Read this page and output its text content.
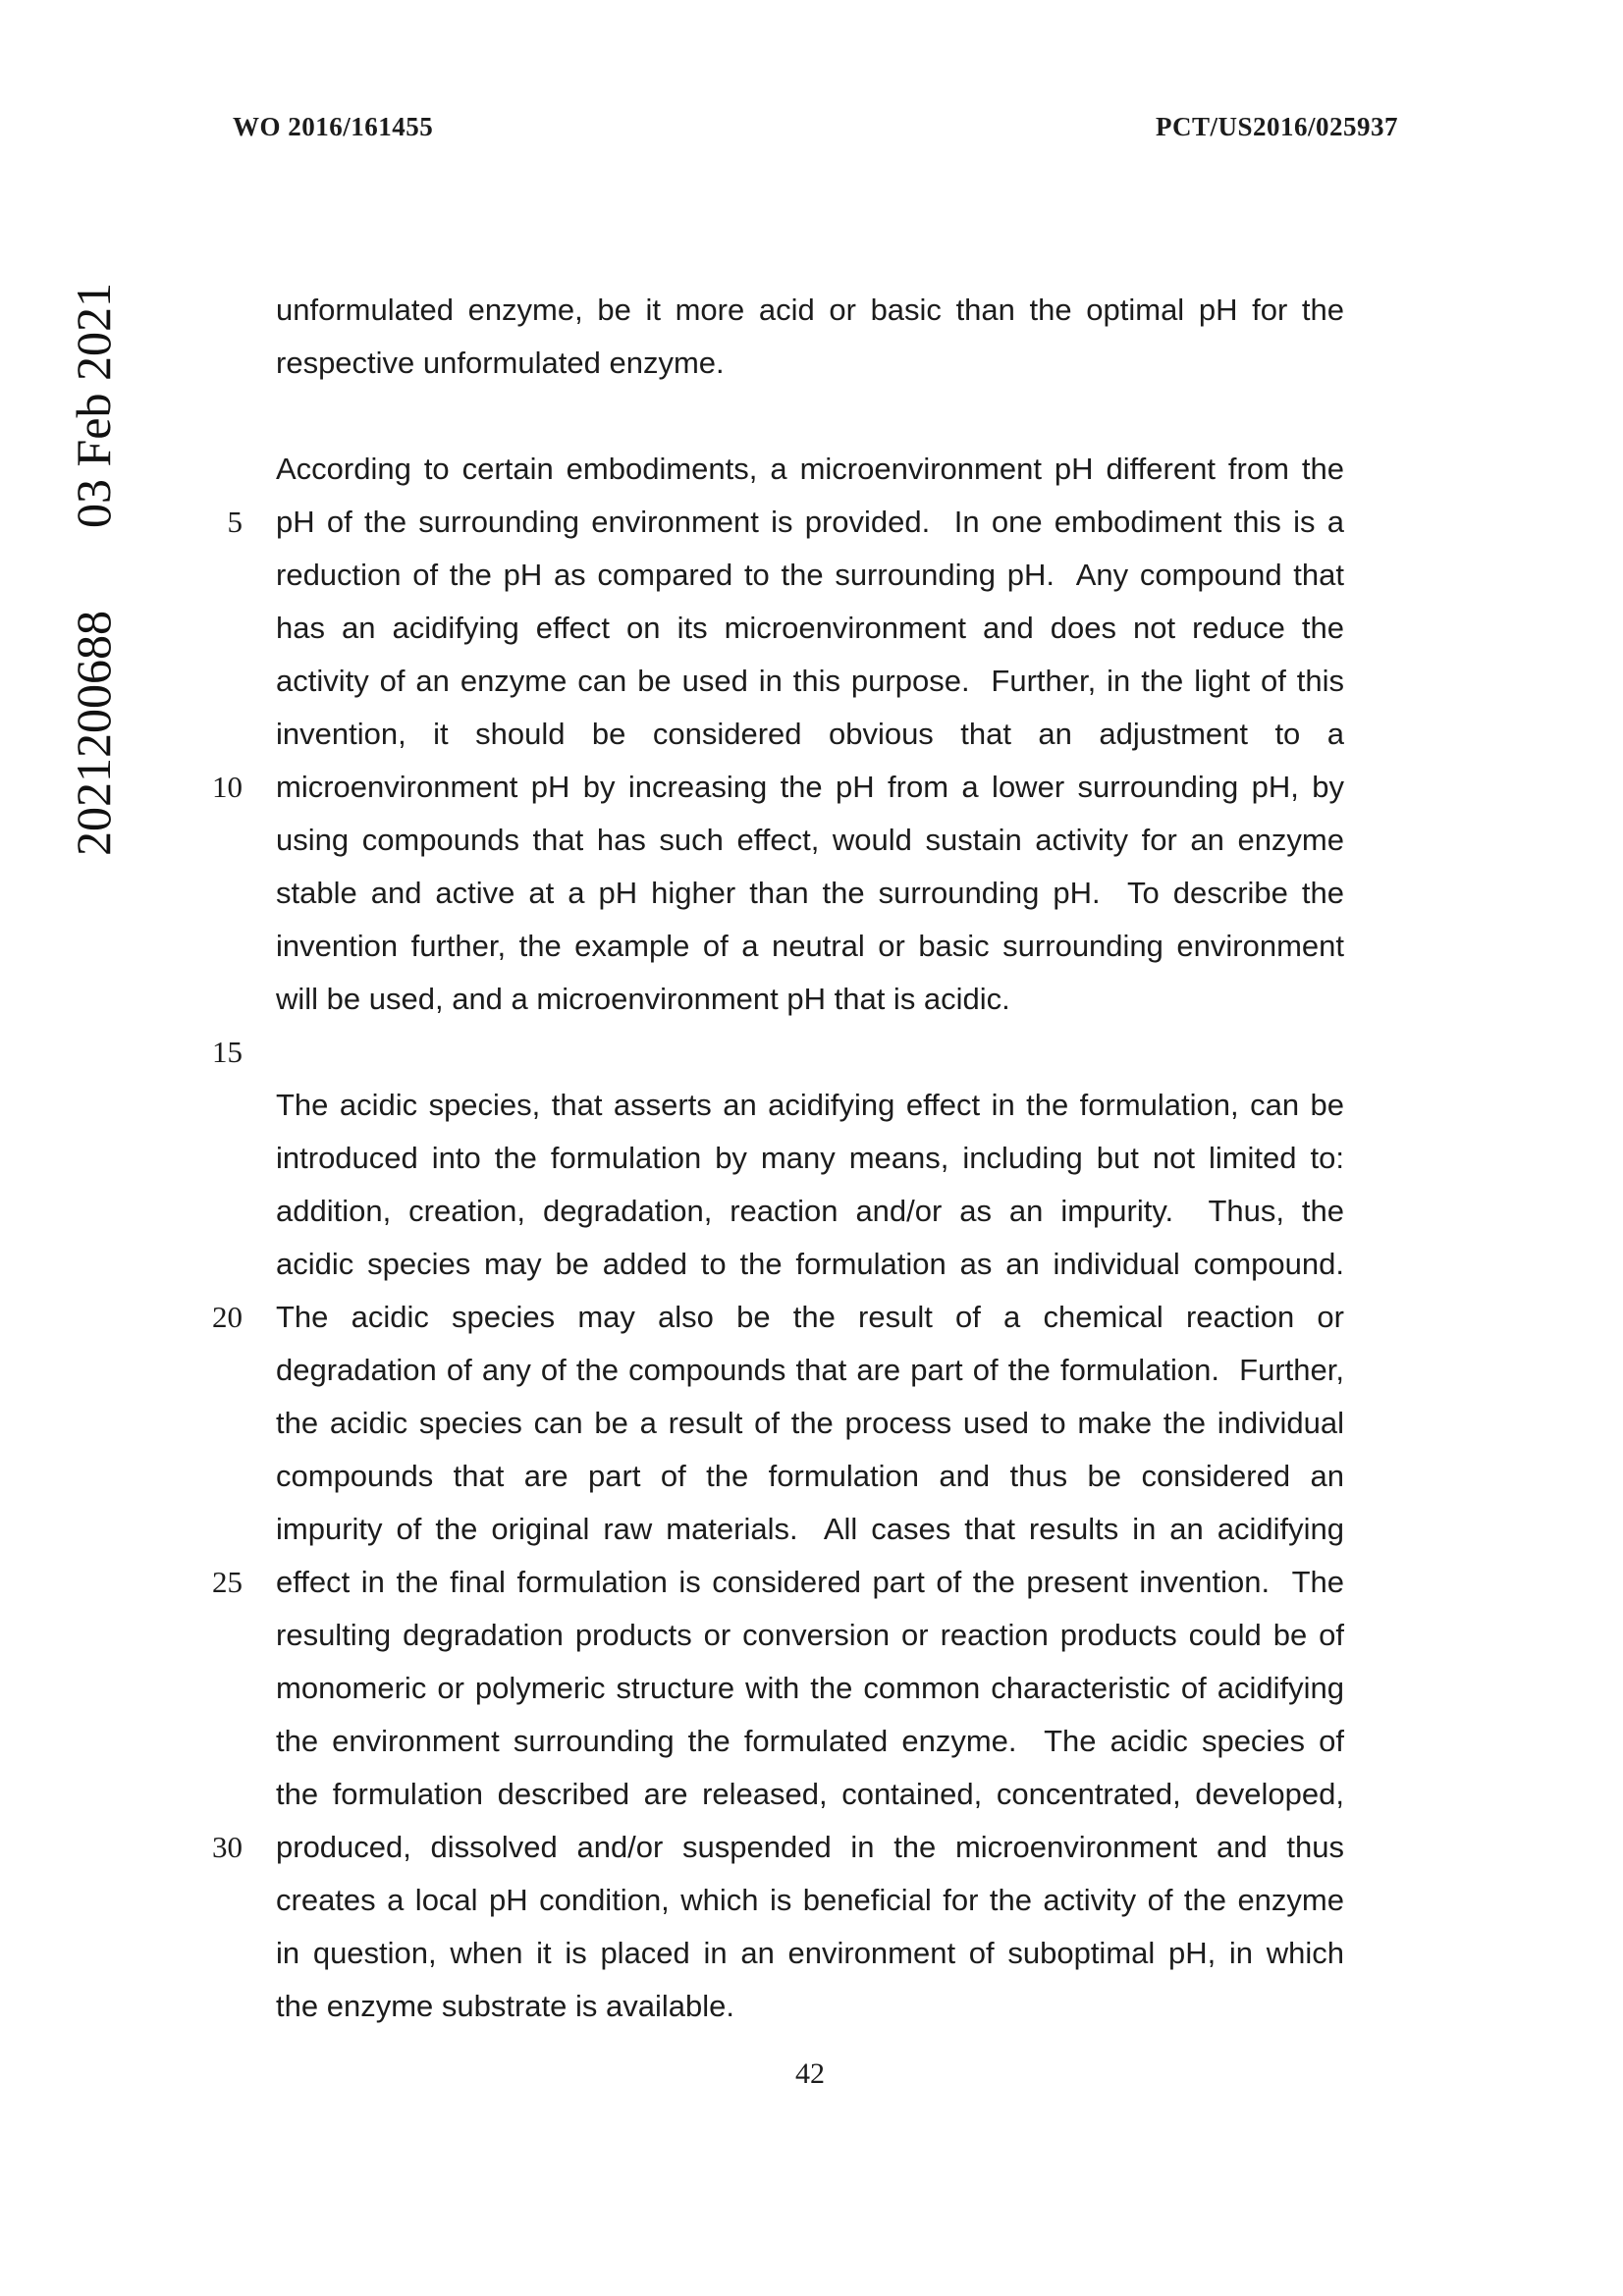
WO 2016/161455	PCT/US2016/025937
202120068803 Feb 2021	5
10
15
20
25
30
unformulated enzyme, be it more acid or basic than the optimal pH for the
respective unformulated enzyme.
According to certain embodiments, a microenvironment pH different from the
pH of the surrounding environment is provided.  In one embodiment this is a
reduction of the pH as compared to the surrounding pH.  Any compound that
has an acidifying effect on its microenvironment and does not reduce the
activity of an enzyme can be used in this purpose.  Further, in the light of this
invention, it should be considered obvious that an adjustment to a
microenvironment pH by increasing the pH from a lower surrounding pH, by
using compounds that has such effect, would sustain activity for an enzyme
stable and active at a pH higher than the surrounding pH.  To describe the
invention further, the example of a neutral or basic surrounding environment
will be used, and a microenvironment pH that is acidic.
The acidic species, that asserts an acidifying effect in the formulation, can be
introduced into the formulation by many means, including but not limited to:
addition, creation, degradation, reaction and/or as an impurity.  Thus, the
acidic species may be added to the formulation as an individual compound.
The acidic species may also be the result of a chemical reaction or
degradation of any of the compounds that are part of the formulation.  Further,
the acidic species can be a result of the process used to make the individual
compounds that are part of the formulation and thus be considered an
impurity of the original raw materials.  All cases that results in an acidifying
effect in the final formulation is considered part of the present invention.  The
resulting degradation products or conversion or reaction products could be of
monomeric or polymeric structure with the common characteristic of acidifying
the environment surrounding the formulated enzyme.  The acidic species of
the formulation described are released, contained, concentrated, developed,
produced, dissolved and/or suspended in the microenvironment and thus
creates a local pH condition, which is beneficial for the activity of the enzyme
in question, when it is placed in an environment of suboptimal pH, in which
the enzyme substrate is available.
42
